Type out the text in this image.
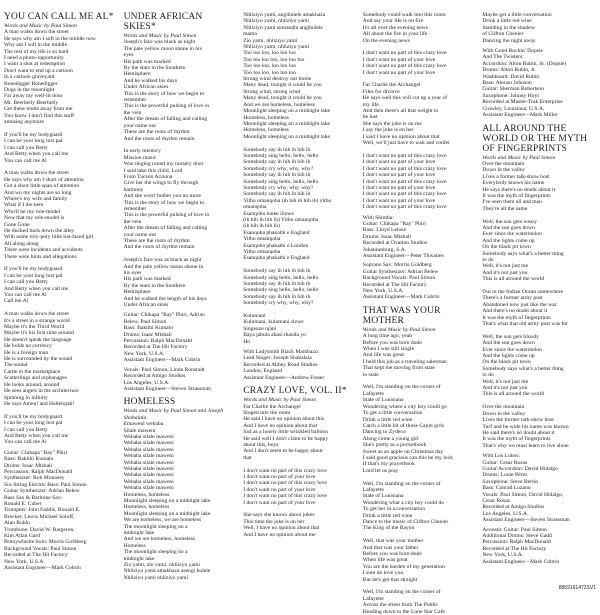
YOU CAN CALL ME AL*
Words and Music by Paul Simon
A man walks down the street
He says why am I soft in the middle now
Why am I soft in the middle
The rest of my life is so hard
I need a photo-opportunity
I want a shot at redemption
Don't want to end up a cartoon
In a cartoon graveyard
Bonedigger Bonedigger
Dogs in the moonlight
Far away my well-lit door
Mr. Beerbelly Beerbelly
Get these mutts away from me
You know I don't find this stuff
amusing anymore
If you'll be my bodyguard
I can be your long lost pal
I can call you Betty
And Betty when you call me
You can call me Al
A man walks down the street
He says why am I short of attention
Got a short little span of attention
And wo my nights are so long
Where's my wife and family
What if I die here
Who'll be my role-model
Now that my role-model is
Gone Gone
He ducked back down the alley
With some roly-poly little bat-faced girl
All along along
There were incidents and accidents
There were hints and allegations
If you'll be my bodyguard
I can be your long lost pal
I can call you Betty
And Betty when you call me
You can call me Al
Call me Al
A man walks down the street
It's a street in a strange world
Maybe it's the Third World
Maybe it's his first time around
He doesn't speak the language
He holds no currency
He is a foreign man
He is surrounded by the sound
The sound
Cattle in the marketplace
Scatterlings and orphanages
He looks around, around
He sees angels in the architecture
Spinning in infinity
He says Amen! and Hallelujah!
If you'll be my bodyguard
I can be your long lost pal
I can call you Betty
And Betty when you call me
You can call me Al
Guitar: Chikapa "Ray" Phiri
Bass: Bakithi Kumalo
Drums: Isaac Mtshali
Percussion: Ralph MacDonald
Synthesizer: Rob Mounsey
Six-String Electric Bass: Paul Simon
Guitar Synthesizer: Adrian Belew
Bass Sax & Baritone Sax:
Ronald E. Cuber
Trumpets: John Faddis, Ronald E.
Brecker, Lewis Michael Soloff,
Alan Rubin
Trombone: David W. Bargeron,
Kim Allan Gard
Pennywhistle Solo: Morris Goldberg
Background Vocals: Paul Simon
Recorded at The Hit Factory
New York, U.S.A.
Assistant Engineer—Mark Cobrin
UNDER AFRICAN SKIES*
Words and Music by Paul Simon
Joseph's face was black as night
The pale yellow moon shone in his
eyes
His path was marked
By the stars in the Southern
Hemisphere
And he walked his days
Under African skies
This is the story of how we begin to
remember
This is the powerful pulsing of love in
the vein
After the dream of falling and calling
your name out
These are the roots of rhythm
And the roots of rhythm remain
In early memory
Mission music
Was ringing round my nursery door
I said take this child, Lord
From Tucson Arizona
Give her the wings to fly through
harmony
And she won't bother you no more
This is the story of how we begin to
remember
This is the powerful pulsing of love in
the vein
After the dream of falling and calling
your name out
These are the roots of rhythm
And the roots of rhythm remain
Joseph's face was as black as night
And the pale yellow moon shone in
his eyes
His path was marked
By the stars in the Southern
Hemisphere
And he walked the length of his days
Under African skies
Guitar: Chikapa "Ray" Phiri, Adrian
Belew, Paul Simon
Bass: Bakithi Kumalo
Drums: Isaac Mtshali
Percussion: Ralph MacDonald
Recorded at The Hit Factory
New York, U.S.A.
Assistant Engineer—Mark Cobrin
Vocals: Paul Simon, Linda Ronstadt
Recorded at Amigo Studios
Los Angeles, U.S.A.
Assistant Engineer—Steven Strassman
HOMELESS
Words and Music by Paul Simon and Joseph Shabalala
Emaweni webaba
Silale maweni
Webaba silale maweni
Webaba silale maweni
Webaba silale maweni
Webaba silale maweni
Webaba silale maweni
Webaba silale maweni
Webaba silale maweni
Webaba silale maweni
Webaba silale maweni
Homeless, homeless
Moonlight sleeping on a midnight lake
Homeless, homeless
Moonlight sleeping on a midnight lake
We are homeless, we are homeless
The moonlight sleeping on a
midnight lake
And we are homeless, homeless
Homeless
The moonlight sleeping on a
midnight lake
Zio yami, zio yami, nhliziyo yami
Nhliziyo yami amakhaza asengi bulele
Nhliziyo yami nhliziyo yami
Nhliziyo yami, angibulele amakhaza
Nhliziyo yami, nhliziyo yami
Nhliziyo yami somandla angibulele
mama
Zio yami, nhliziyo yami
Nhliziyo yami, nhliziyo yami
Too loo loo, loo loo loo
Too loo loo loo, loo loo loo
Too loo loo, loo loo loo
Too loo loo, loo loo loo
Strong wind destroy our home
Many dead, tonight it could be you
Strong wind, strong wind
Many dead, tonight it could be you
And we are homeless, homeless
Moonlight sleeping on a midnight lake
Homeless, homeless
Moonlight sleeping on a midnight lake
Homeless, homeless
Moonlight sleeping on a midnight lake
Somebody say ih hih ih hih ih
Somebody sing hello, hello, hello
Somebody say ih hih ih hih ih
Somebody cry why, why, why?
Somebody say ih hih ih hih ih
Somebody sing hello, hello, hello
Somebody cry why, why, why?
Somebody say ih hih ih hih ih
Yitho omanqoba (ih hih ih hih ih) yitho
omanqoba
Esanqoba lonke ilizwe
(ih hih ih hih ih) Yitho omanqoba
(ih hih ih hih ih)
Esanqoba phakathi e England
Yitho omanqoba
Esanqoba phakathi e London
Yitho omanqoba
Esanqoba phakathi e England
Somebody say ih hih ih hih ih
Somebody sing hello, hello, hello
Somebody say ih hih ih hih ih
Somebody sing hello, hello, hello
Somebody say ih hih ih hih ih
Somebody cry why, why, why?
Kulumani
Kulumani, kulumani sizwe
Singenze njani
Baya jabula abasi thanda yo
Ho
With Ladysmith Black Mambazo:
Lead Singer: Joseph Shabalala
Recorded at Abbey Road Studios
London, England
Assistant Engineer—Andrew Fraser
CRAZY LOVE, VOL. II*
Words and Music by Paul Simon
Fat Charlie the Archangel
Sloped into the room
He said I have no opinion about this
And I have no opinion about that
Sad as a lonely little wrinkled balloon
He said well I don't claim to be happy
about this, boys
And I don't seem to be happy about
that
I don't want no part of this crazy love
I don't want no part of your love
I don't want no part of this crazy love
I don't want no part of your love
I don't want no part of this crazy love
I don't want no part of your love
She says she knows about jokes
This time the joke is on her
Well, I have no opinion about that
And I have no opinion about me
Somebody could walk into this room
And say your life is on fire
It's all over the evening news
All about the fire in your life
On the evening news
I don't want no part of this crazy love
I don't want no part of your love
I don't want no part of this crazy love
I don't want no part of your love
Fat Charlie the Archangel
Files for divorce
He says well this will cut up a year of
my life
And then there's all that weight to
be lost
She says the joke is on me
I say the joke is on her
I said I have no opinion about that
Well, we'll just have to wait and confer
I don't want no part of this crazy love
I don't want no part of your love
I don't want no part of this crazy love
I don't want no part of your love
I don't want no part of this crazy love
I don't want no part of your love
I don't want no part of this crazy love
I don't want no part of your love
I don't want no part of this crazy love
With Shimba:
Guitar: Chikapa "Ray" Phiri
Bass: Lloyd Lelose
Drums: Isaac Mtshali
Recorded at Ovation Studios
Johannesburg, S.A.
Assistant Engineer—Peter Thwaites
Soprano Sax: Morris Goldberg
Guitar Synthesizer: Adrian Belew
Background Vocals: Paul Simon
Recorded at The Hit Factory
New York, U.S.A.
Assistant Engineer—Mark Cobrin
THAT WAS YOUR MOTHER
Words and Music by Paul Simon
A long time ago, yeah
Before you was born dude
When I was still single
And life was great
I held this job as a traveling salesman
That kept me moving from state
to state
Well, I'm standing on the corner of
Lafayette
State of Louisiana
Wondering where a city boy could go
To get a little conversation
Drink a little red wine
Catch a little bit of those Cajun girls
Dancing to Zydeco
Along come a young girl
She's pretty as a pocketbook
Sweet as an apple on Christmas day
I said good gracious can this be my luck
If that's my prayerbook
Lord let us pray
Well, I'm standing on the corner of
Lafayette
State of Louisiana
Wondering what a city boy could do
To get her in a conversation
Drink a little red wine
Dance to the music of Clifton Chenier
The King of the Bayou
Well, that was your mother
And that was your father
Before you was born dude
When life was great
You are the burden of my generation
I sure do love you
But let's get that straight
Well, I'm standing on the corner of
Lafayette
Across the street from The Public
Heading down to the Lone Star Cafe
Maybe get a little conversation
Drink a little red wine
Standing in the shadow
of Clifton Chenier
Dancing the night away
With Good Rockin' Dopsie
And The Twisters:
Accordion: Alton Rubin, Sr. (Dopsie)
Drums: Alton Rubin, Jr.
Washboard: David Rubin
Bass: Alonzo Johnson
Guitar: Sherman Robertson
Saxophone: Johnny Hoyt
Recorded at Master-Trak Enterprise
Crowley, Louisiana, U.S.A.
Assistant Engineer—Mark Miller
ALL AROUND THE WORLD OR THE MYTH OF FINGERPRINTS
Words and Music by Paul Simon
Over the mountain
Down in the valley
Lives a former talk-show host
Everybody knows his name
He says there's no doubt about it
It was the myth of fingerprints
I've seen them all and man
They're all the same
Well, the sun gets weary
And the sun goes down
Ever since the watermelon
And the lights come up
On the black pit town
Somebody says what's a better thing
to do
Well, it's not just me
And it's not just you
This is all around the world
Out in the Indian Ocean somewhere
There's a former army post
Abandoned now just like the war
And there's no doubt about it
It was the myth of fingerprints
That's what that old army post was for
Well, the sun gets bloody
And the sun goes down
Ever since the watermelon
And the lights come up
On the black pit town
Somebody says what's a better thing
to do
Well, it's not just me
And it's not just you
This is all around the world
Over the mountain
Down in the valley
Lives the former talk-show host
Turf and he wide his name was known
He said there's no doubt about it
It was the myth of fingerprints
That's why we must learn to live alone
With Los Lobos:
Guitar: Cesar Rosas
Guitar/Accordion: David Hidalgo
Drums: Louie Pérez
Saxophone: Steve Berlin
Bass: Conrad Lozano
Vocals: Paul Simon, David Hidalgo,
Cesar Rosas
Recorded at Amigo Studios
Los Angeles, U.S.A.
Assistant Engineer—Steven Strassman
Acoustic Guitar: Paul Simon
Additional Drums: Steve Gadd
Percussion: Ralph MacDonald
Recorded at The Hit Factory
New York, U.S.A.
Assistant Engineer—Mark Cobrin
8869191472SV1
